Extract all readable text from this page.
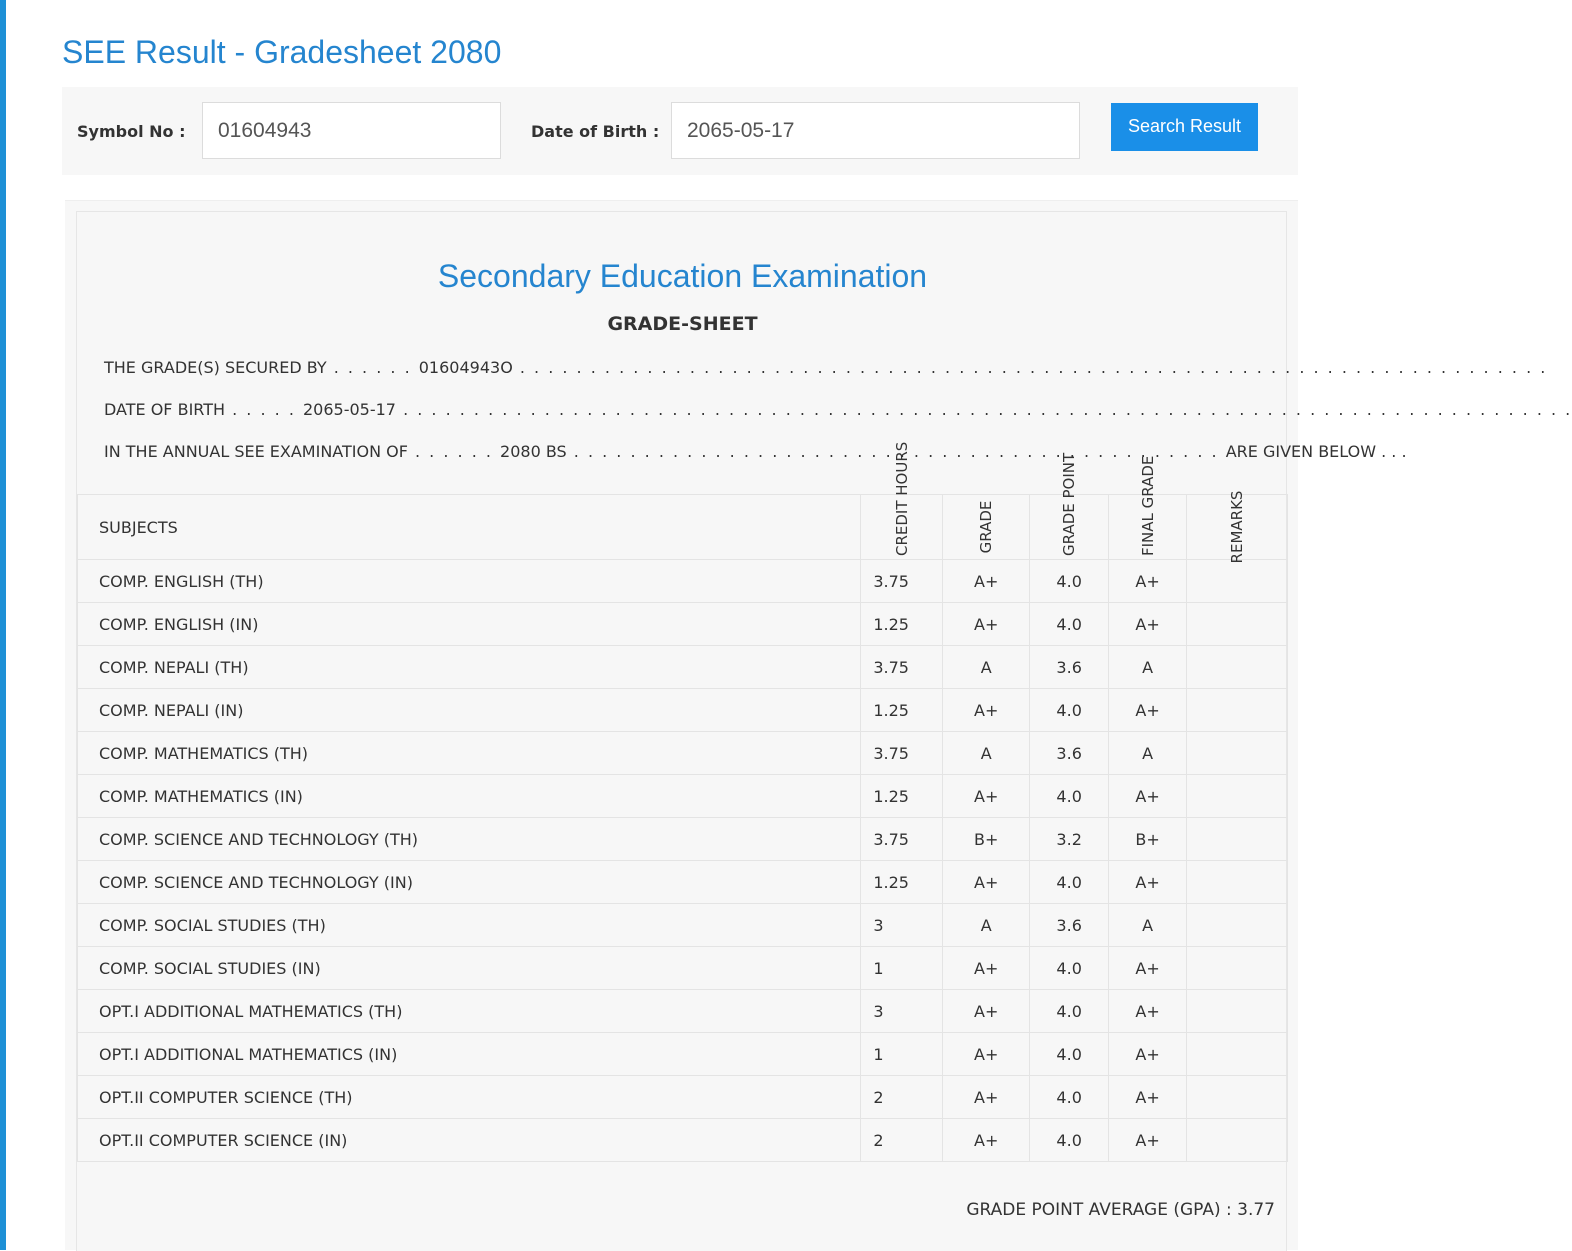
SEE Result - Gradesheet 2080
Symbol No :	01604943	Date of Birth :	2065-05-17	Search Result
Secondary Education Examination
GRADE-SHEET
THE GRADE(S) SECURED BY . . . . . . 01604943O . . . . . . . . . . . . . . . . . . . . . . . . . . . . . . . . . . . . . . . . . . . . . . . . . . . . . . . . . . . . . . . . . . . . . . . . .
DATE OF BIRTH . . . . . 2065-05-17 . . . . . . . . . . . . . . . . . . . . . . . . . . . . . . . . . . . . . . . . . . . . . . . . . . . . . . . . . . . . . . . . . . . . . . . . . . . . . . . . . . .
IN THE ANNUAL SEE EXAMINATION OF . . . . . . 2080 BS . . . . . . . . . . . . . . . . . . . . . . . . . . . . . . . . . . . . . . . . . . . . . . ARE GIVEN BELOW . . .
SUBJECTS	CREDIT HOURS	GRADE	GRADE POINT	FINAL GRADE	REMARKS

COMP. ENGLISH (TH)	3.75	A+	4.0	A+	
COMP. ENGLISH (IN)	1.25	A+	4.0	A+	
COMP. NEPALI (TH)	3.75	A	3.6	A	
COMP. NEPALI (IN)	1.25	A+	4.0	A+	
COMP. MATHEMATICS (TH)	3.75	A	3.6	A	
COMP. MATHEMATICS (IN)	1.25	A+	4.0	A+	
COMP. SCIENCE AND TECHNOLOGY (TH)	3.75	B+	3.2	B+	
COMP. SCIENCE AND TECHNOLOGY (IN)	1.25	A+	4.0	A+	
COMP. SOCIAL STUDIES (TH)	3	A	3.6	A	
COMP. SOCIAL STUDIES (IN)	1	A+	4.0	A+	
OPT.I ADDITIONAL MATHEMATICS (TH)	3	A+	4.0	A+	
OPT.I ADDITIONAL MATHEMATICS (IN)	1	A+	4.0	A+	
OPT.II COMPUTER SCIENCE (TH)	2	A+	4.0	A+	
OPT.II COMPUTER SCIENCE (IN)	2	A+	4.0	A+	
GRADE POINT AVERAGE (GPA) : 3.77
